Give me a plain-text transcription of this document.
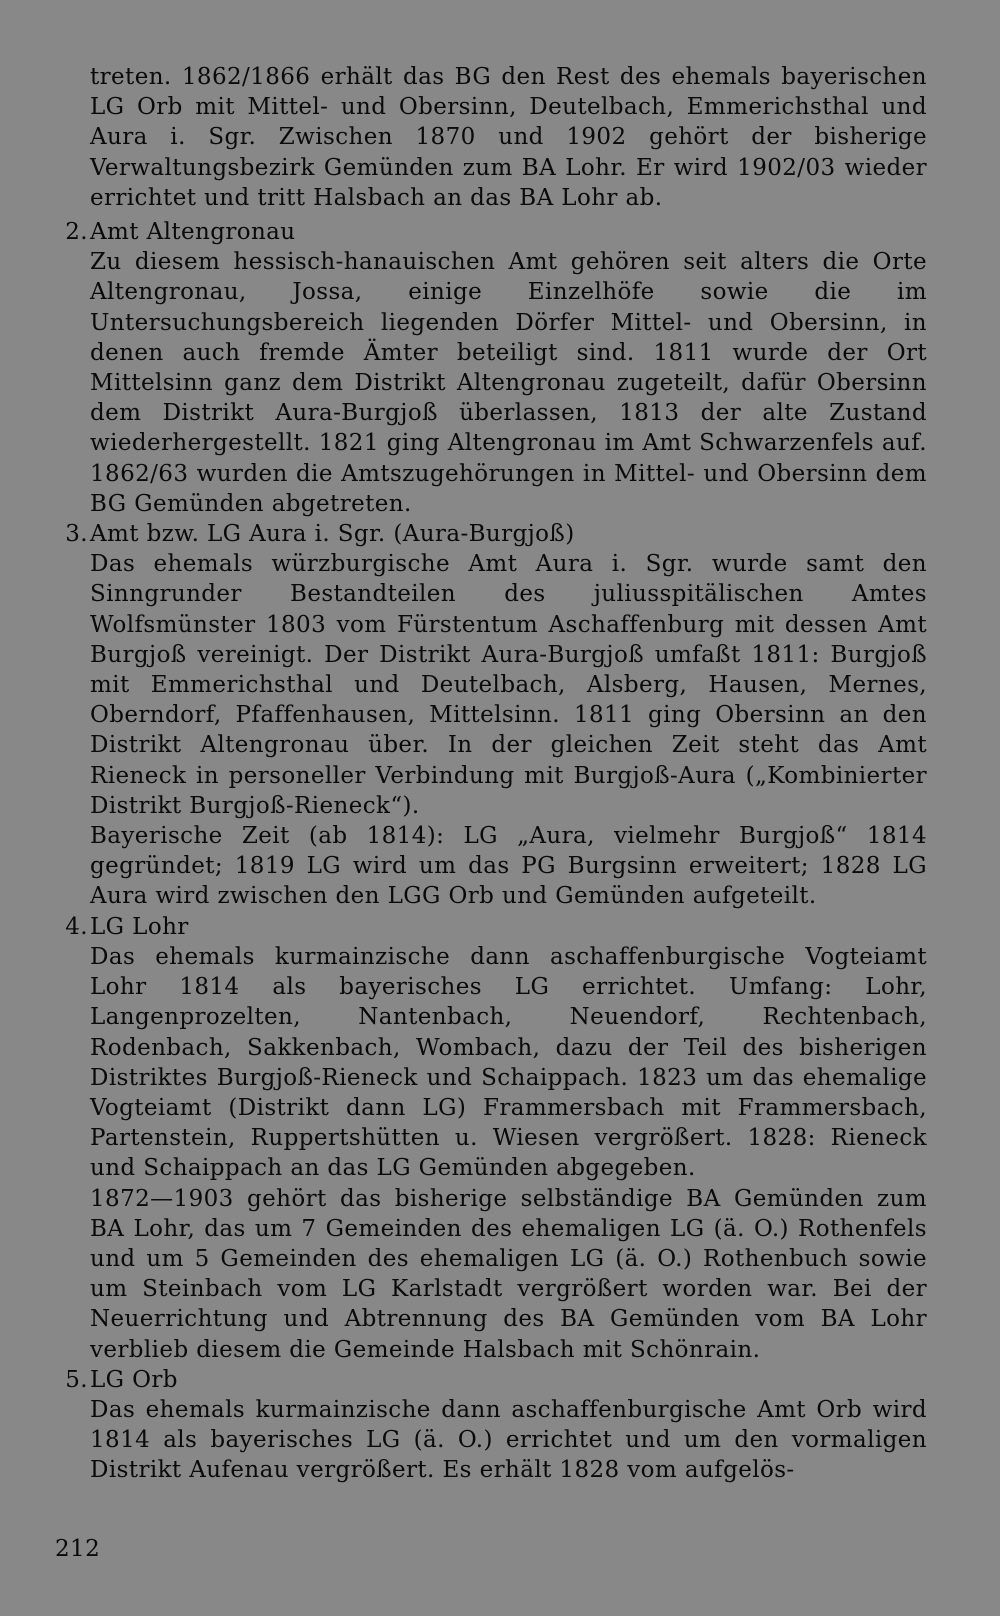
treten. 1862/1866 erhält das BG den Rest des ehemals bayerischen LG Orb mit Mittel- und Obersinn, Deutelbach, Emmerichsthal und Aura i. Sgr. Zwischen 1870 und 1902 gehört der bisherige Verwaltungsbezirk Gemünden zum BA Lohr. Er wird 1902/03 wieder errichtet und tritt Halsbach an das BA Lohr ab.

2. Amt Altengronau

Zu diesem hessisch-hanauischen Amt gehören seit alters die Orte Altengronau, Jossa, einige Einzelhöfe sowie die im Untersuchungsbereich liegenden Dörfer Mittel- und Obersinn, in denen auch fremde Ämter beteiligt sind. 1811 wurde der Ort Mittelsinn ganz dem Distrikt Altengronau zugeteilt, dafür Obersinn dem Distrikt Aura-Burgjoß überlassen, 1813 der alte Zustand wiederhergestellt. 1821 ging Altengronau im Amt Schwarzenfels auf. 1862/63 wurden die Amtszugehörungen in Mittel- und Obersinn dem BG Gemünden abgetreten.

3. Amt bzw. LG Aura i. Sgr. (Aura-Burgjoß)

Das ehemals würzburgische Amt Aura i. Sgr. wurde samt den Sinngrunder Bestandteilen des juliusspitälischen Amtes Wolfsmünster 1803 vom Fürstentum Aschaffenburg mit dessen Amt Burgjoß vereinigt. Der Distrikt Aura-Burgjoß umfaßt 1811: Burgjoß mit Emmerichsthal und Deutelbach, Alsberg, Hausen, Mernes, Oberndorf, Pfaffenhausen, Mittelsinn. 1811 ging Obersinn an den Distrikt Altengronau über. In der gleichen Zeit steht das Amt Rieneck in personeller Verbindung mit Burgjoß-Aura („Kombinierter Distrikt Burgjoß-Rieneck“).

Bayerische Zeit (ab 1814): LG „Aura, vielmehr Burgjoß“ 1814 gegründet; 1819 LG wird um das PG Burgsinn erweitert; 1828 LG Aura wird zwischen den LGG Orb und Gemünden aufgeteilt.

4. LG Lohr

Das ehemals kurmainzische dann aschaffenburgische Vogteiamt Lohr 1814 als bayerisches LG errichtet. Umfang: Lohr, Langenprozelten, Nantenbach, Neuendorf, Rechtenbach, Rodenbach, Sakkenbach, Wombach, dazu der Teil des bisherigen Distriktes Burgjoß-Rieneck und Schaippach. 1823 um das ehemalige Vogteiamt (Distrikt dann LG) Frammersbach mit Frammersbach, Partenstein, Ruppertshütten u. Wiesen vergrößert. 1828: Rieneck und Schaippach an das LG Gemünden abgegeben.

1872—1903 gehört das bisherige selbständige BA Gemünden zum BA Lohr, das um 7 Gemeinden des ehemaligen LG (ä. O.) Rothenfels und um 5 Gemeinden des ehemaligen LG (ä. O.) Rothenbuch sowie um Steinbach vom LG Karlstadt vergrößert worden war. Bei der Neuerrichtung und Abtrennung des BA Gemünden vom BA Lohr verblieb diesem die Gemeinde Halsbach mit Schönrain.

5. LG Orb

Das ehemals kurmainzische dann aschaffenburgische Amt Orb wird 1814 als bayerisches LG (ä. O.) errichtet und um den vormaligen Distrikt Aufenau vergrößert. Es erhält 1828 vom aufgelös-

212
